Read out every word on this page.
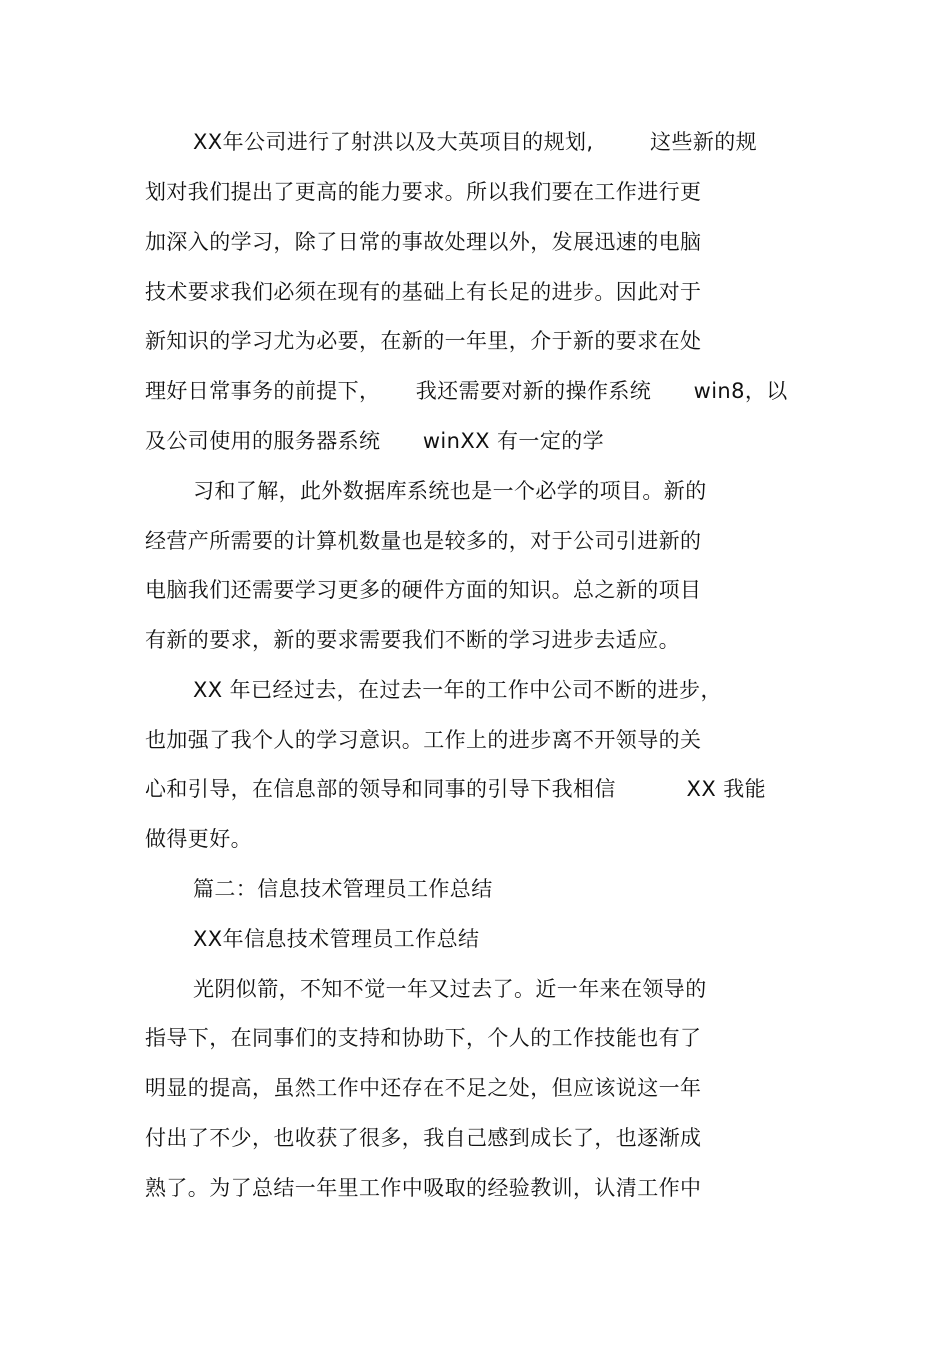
XX年公司进行了射洪以及大英项目的规划,        这些新的规
划对我们提出了更高的能力要求。所以我们要在工作进行更
加深入的学习，除了日常的事故处理以外，发展迅速的电脑
技术要求我们必须在现有的基础上有长足的进步。因此对于
新知识的学习尤为必要，在新的一年里，介于新的要求在处
理好日常事务的前提下，     我还需要对新的操作系统      win8，以
及公司使用的服务器系统      winXX 有一定的学
习和了解，此外数据库系统也是一个必学的项目。新的
经营产所需要的计算机数量也是较多的，对于公司引进新的
电脑我们还需要学习更多的硬件方面的知识。总之新的项目
有新的要求，新的要求需要我们不断的学习进步去适应。
XX 年已经过去，在过去一年的工作中公司不断的进步，
也加强了我个人的学习意识。工作上的进步离不开领导的关
心和引导，在信息部的领导和同事的引导下我相信          XX 我能
做得更好。
篇二：信息技术管理员工作总结
XX年信息技术管理员工作总结
光阴似箭，不知不觉一年又过去了。近一年来在领导的
指导下，在同事们的支持和协助下，个人的工作技能也有了
明显的提高，虽然工作中还存在不足之处，但应该说这一年
付出了不少，也收获了很多，我自己感到成长了，也逐渐成
熟了。为了总结一年里工作中吸取的经验教训，认清工作中
